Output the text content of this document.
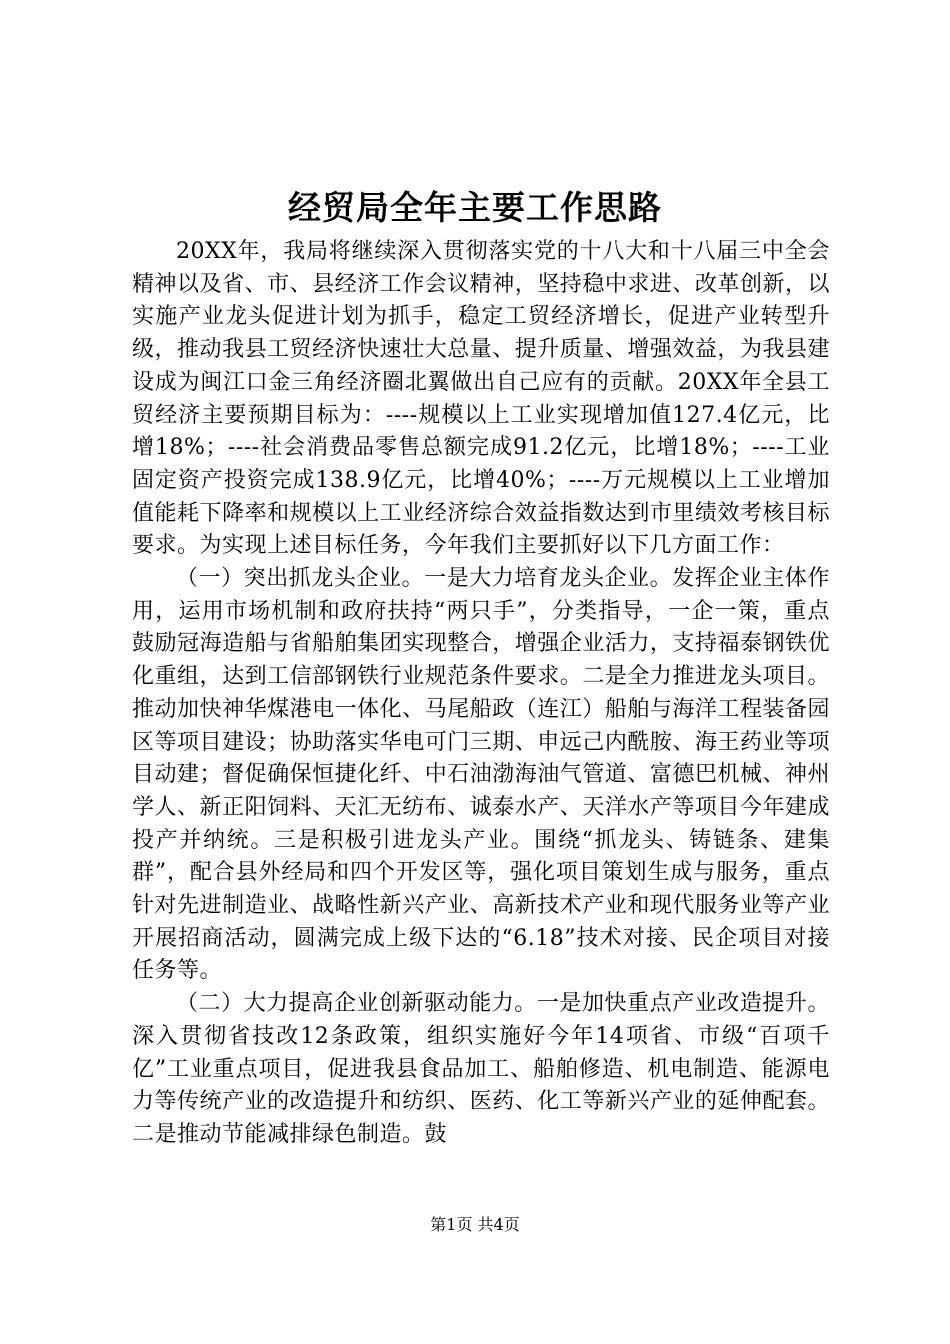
经贸局全年主要工作思路

20XX年，我局将继续深入贯彻落实党的十八大和十八届三中全会精神以及省、市、县经济工作会议精神，坚持稳中求进、改革创新，以实施产业龙头促进计划为抓手，稳定工贸经济增长，促进产业转型升级，推动我县工贸经济快速壮大总量、提升质量、增强效益，为我县建设成为闽江口金三角经济圈北翼做出自己应有的贡献。20XX年全县工贸经济主要预期目标为：----规模以上工业实现增加值127.4亿元，比增18%；----社会消费品零售总额完成91.2亿元，比增18%；----工业固定资产投资完成138.9亿元，比增40%；----万元规模以上工业增加值能耗下降率和规模以上工业经济综合效益指数达到市里绩效考核目标要求。为实现上述目标任务，今年我们主要抓好以下几方面工作：

（一）突出抓龙头企业。一是大力培育龙头企业。发挥企业主体作用，运用市场机制和政府扶持“两只手”，分类指导，一企一策，重点鼓励冠海造船与省船舶集团实现整合，增强企业活力，支持福泰钢铁优化重组，达到工信部钢铁行业规范条件要求。二是全力推进龙头项目。推动加快神华煤港电一体化、马尾船政（连江）船舶与海洋工程装备园区等项目建设；协助落实华电可门三期、申远己内酰胺、海王药业等项目动建；督促确保恒捷化纤、中石油渤海油气管道、富德巴机械、神州学人、新正阳饲料、天汇无纺布、诚泰水产、天洋水产等项目今年建成投产并纳统。三是积极引进龙头产业。围绕“抓龙头、铸链条、建集群”，配合县外经局和四个开发区等，强化项目策划生成与服务，重点针对先进制造业、战略性新兴产业、高新技术产业和现代服务业等产业开展招商活动，圆满完成上级下达的“6.18”技术对接、民企项目对接任务等。

（二）大力提高企业创新驱动能力。一是加快重点产业改造提升。深入贯彻省技改12条政策，组织实施好今年14项省、市级“百项千亿”工业重点项目，促进我县食品加工、船舶修造、机电制造、能源电力等传统产业的改造提升和纺织、医药、化工等新兴产业的延伸配套。二是推动节能减排绿色制造。鼓

第1页 共4页
